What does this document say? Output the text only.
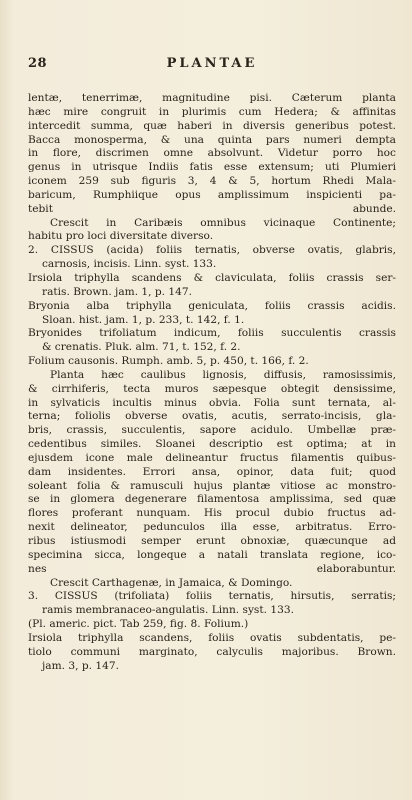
28	PLANTAE
lentæ, tenerrimæ, magnitudine pisi. Cæterum planta
hæc mire congruit in plurimis cum Hedera; & affinitas
intercedit summa, quæ haberi in diversis generibus potest.
Bacca monosperma, & una quinta pars numeri dempta
in flore, discrimen omne absolvunt. Videtur porro hoc
genus in utrisque Indiis fatis esse extensum; uti Plumieri
iconem 259 sub figuris 3, 4 & 5, hortum Rhedi Mala-
baricum, Rumphiique opus amplissimum inspicienti pa-
tebit abunde.
Crescit in Caribæis omnibus vicinaque Continente;
habitu pro loci diversitate diverso.
2. CISSUS (acida) foliis ternatis, obverse ovatis, glabris,
carnosis, incisis. Linn. syst. 133.
Irsiola triphylla scandens & claviculata, foliis crassis ser-
ratis. Brown. jam. 1, p. 147.
Bryonia alba triphylla geniculata, foliis crassis acidis.
Sloan. hist. jam. 1, p. 233, t. 142, f. 1.
Bryonides trifoliatum indicum, foliis succulentis crassis
& crenatis. Pluk. alm. 71, t. 152, f. 2.
Folium causonis. Rumph. amb. 5, p. 450, t. 166, f. 2.
Planta hæc caulibus lignosis, diffusis, ramosissimis,
& cirrhiferis, tecta muros sæpesque obtegit densissime,
in sylvaticis incultis minus obvia. Folia sunt ternata, al-
terna; foliolis obverse ovatis, acutis, serrato-incisis, gla-
bris, crassis, succulentis, sapore acidulo. Umbellæ præ-
cedentibus similes. Sloanei descriptio est optima; at in
ejusdem icone male delineantur fructus filamentis quibus-
dam insidentes. Errori ansa, opinor, data fuit; quod
soleant folia & ramusculi hujus plantæ vitiose ac monstro-
se in glomera degenerare filamentosa amplissima, sed quæ
flores proferant nunquam. His procul dubio fructus ad-
nexit delineator, pedunculos illa esse, arbitratus. Erro-
ribus istiusmodi semper erunt obnoxiæ, quæcunque ad
specimina sicca, longeque a natali translata regione, ico-
nes elaborabuntur.
Crescit Carthagenæ, in Jamaica, & Domingo.
3. CISSUS (trifoliata) foliis ternatis, hirsutis, serratis;
ramis membranaceo-angulatis. Linn. syst. 133.
(Pl. americ. pict. Tab 259, fig. 8. Folium.)
Irsiola triphylla scandens, foliis ovatis subdentatis, pe-
tiolo communi marginato, calyculis majoribus. Brown.
jam. 3, p. 147.
